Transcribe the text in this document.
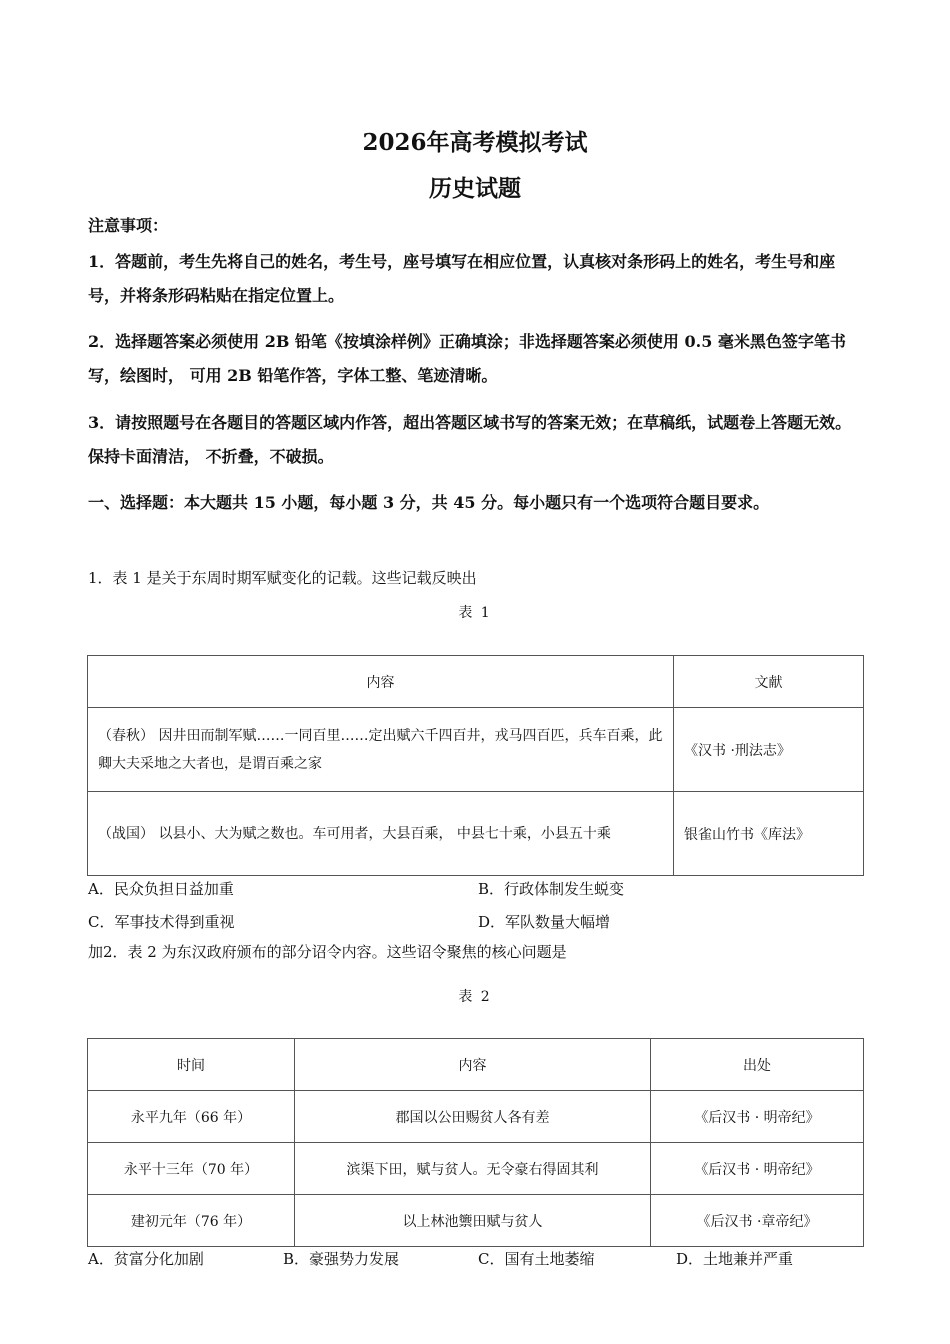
2026年高考模拟考试
历史试题
注意事项：
1．答题前，考生先将自己的姓名，考生号，座号填写在相应位置，认真核对条形码上的姓名，考生号和座号，并将条形码粘贴在指定位置上。
2．选择题答案必须使用 2B 铅笔《按填涂样例》正确填涂；非选择题答案必须使用 0.5 毫米黑色签字笔书写，绘图时， 可用 2B 铅笔作答，字体工整、笔迹清晰。
3．请按照题号在各题目的答题区域内作答，超出答题区域书写的答案无效；在草稿纸，试题卷上答题无效。保持卡面清洁， 不折叠，不破损。
一、选择题：本大题共 15 小题，每小题 3 分，共 45 分。每小题只有一个选项符合题目要求。
1．表 1 是关于东周时期军赋变化的记载。这些记载反映出
表 1
内容	文献
（春秋） 因井田而制军赋……一同百里……定出赋六千四百井，戎马四百匹，兵车百乘，此卿大夫采地之大者也，是谓百乘之家	《汉书 ·刑法志》
（战国） 以县小、大为赋之数也。车可用者，大县百乘， 中县七十乘，小县五十乘	银雀山竹书《库法》
A．民众负担日益加重	B．行政体制发生蜕变
C．军事技术得到重视	D．军队数量大幅增
加2．表 2 为东汉政府颁布的部分诏令内容。这些诏令聚焦的核心问题是
表 2
时间	内容	出处
永平九年（66 年）	郡国以公田赐贫人各有差	《后汉书 · 明帝纪》
永平十三年（70 年）	滨渠下田，赋与贫人。无令豪右得固其利	《后汉书 · 明帝纪》
建初元年（76 年）	以上林池籞田赋与贫人	《后汉书 ·章帝纪》
A．贫富分化加剧	B．豪强势力发展	C．国有土地萎缩	D．土地兼并严重
